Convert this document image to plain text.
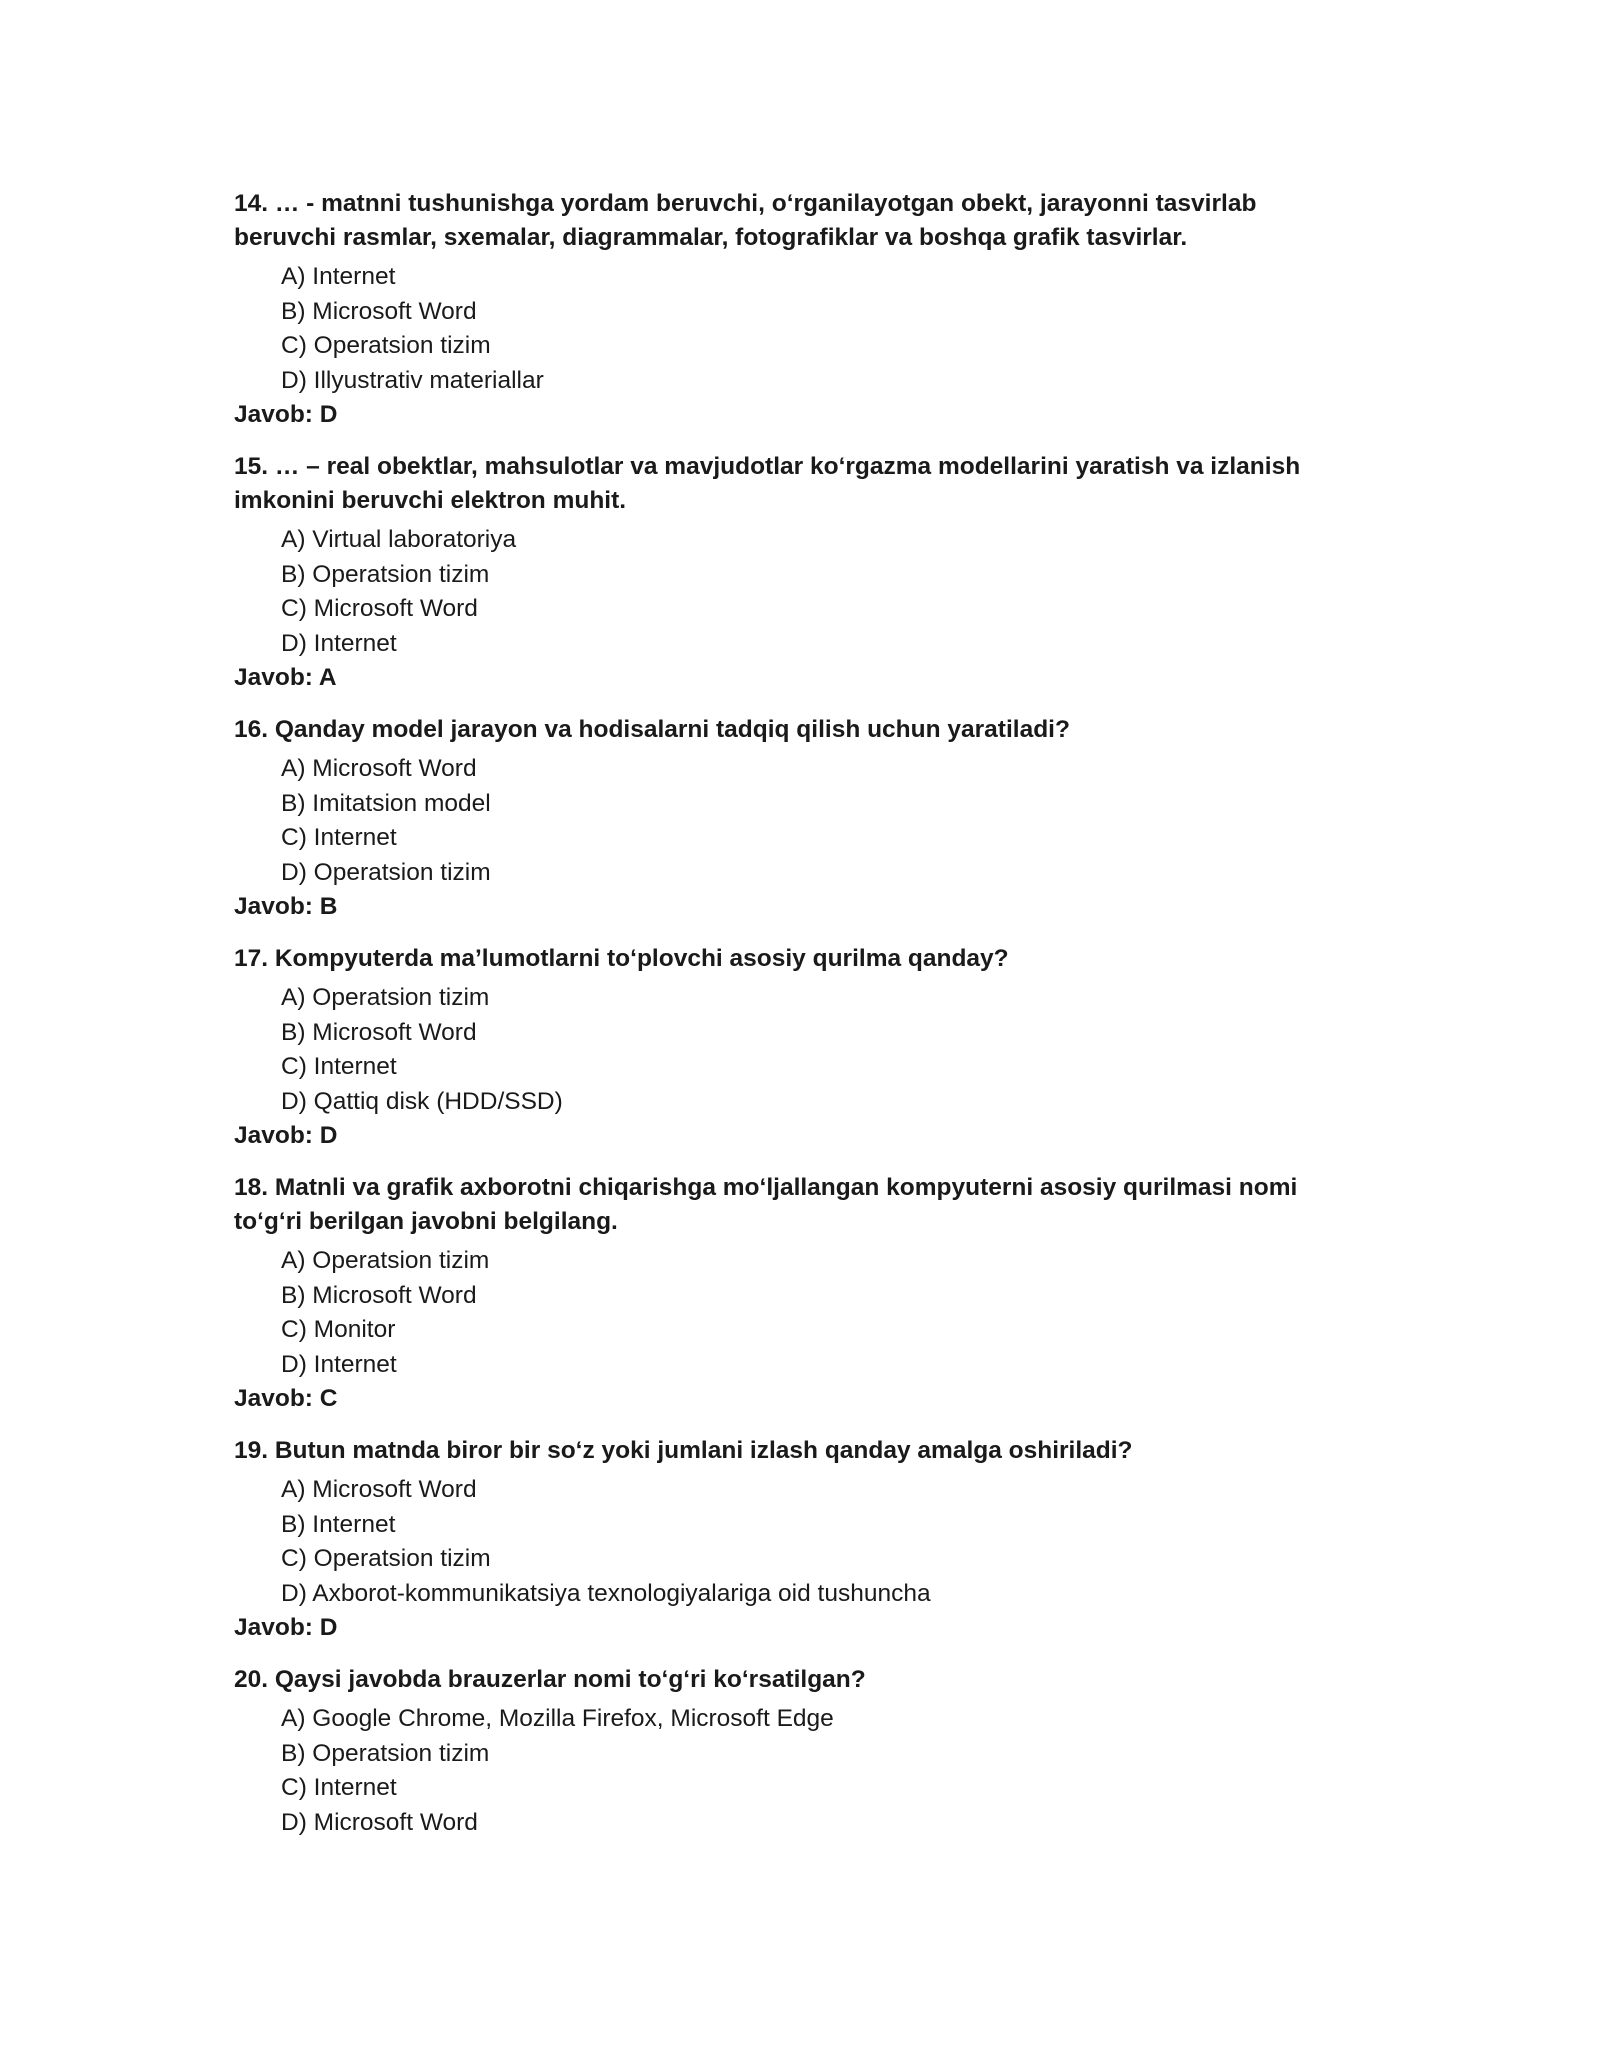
14. … - matnni tushunishga yordam beruvchi, o‘rganilayotgan obekt, jarayonni tasvirlab beruvchi rasmlar, sxemalar, diagrammalar, fotografiklar va boshqa grafik tasvirlar.
A) Internet
B) Microsoft Word
C) Operatsion tizim
D) Illyustrativ materiallar
Javob: D
15. … – real obektlar, mahsulotlar va mavjudotlar ko‘rgazma modellarini yaratish va izlanish imkonini beruvchi elektron muhit.
A) Virtual laboratoriya
B) Operatsion tizim
C) Microsoft Word
D) Internet
Javob: A
16. Qanday model jarayon va hodisalarni tadqiq qilish uchun yaratiladi?
A) Microsoft Word
B) Imitatsion model
C) Internet
D) Operatsion tizim
Javob: B
17. Kompyuterda ma’lumotlarni to‘plovchi asosiy qurilma qanday?
A) Operatsion tizim
B) Microsoft Word
C) Internet
D) Qattiq disk (HDD/SSD)
Javob: D
18. Matnli va grafik axborotni chiqarishga mo‘ljallangan kompyuterni asosiy qurilmasi nomi to‘g‘ri berilgan javobni belgilang.
A) Operatsion tizim
B) Microsoft Word
C) Monitor
D) Internet
Javob: C
19. Butun matnda biror bir so‘z yoki jumlani izlash qanday amalga oshiriladi?
A) Microsoft Word
B) Internet
C) Operatsion tizim
D) Axborot-kommunikatsiya texnologiyalariga oid tushuncha
Javob: D
20. Qaysi javobda brauzerlar nomi to‘g‘ri ko‘rsatilgan?
A) Google Chrome, Mozilla Firefox, Microsoft Edge
B) Operatsion tizim
C) Internet
D) Microsoft Word
